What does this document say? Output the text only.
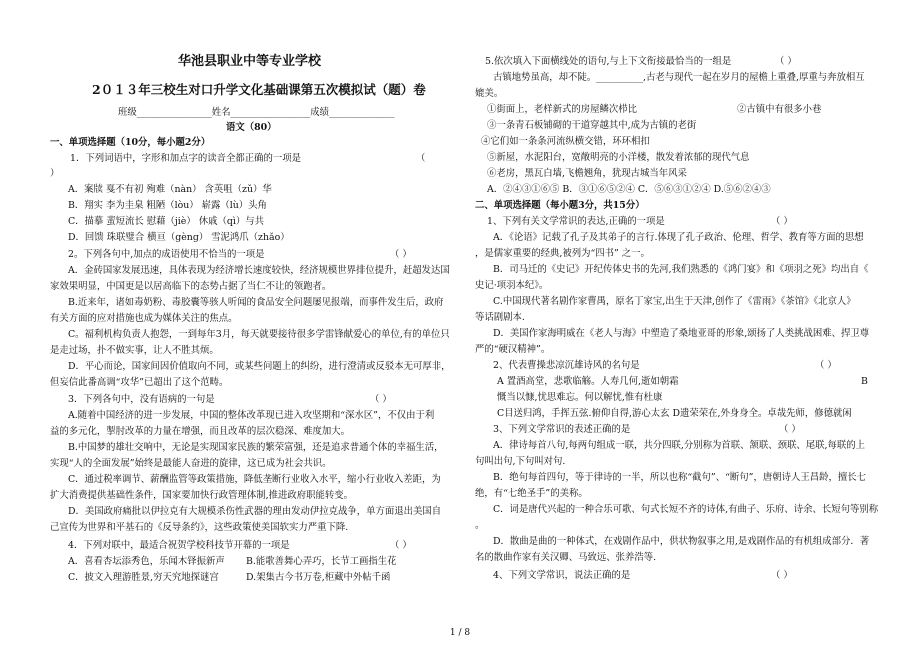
华池县职业中等专业学校
2０１３年三校生对口升学文化基础课第五次模拟试（题）卷
班级________________姓名_________________成绩______________
语文（80）
一、单项选择题（10分，每小题2分）
1．下列词语中，字形和加点字的读音全都正确的一项是	（
）
A．案牍 戛不有初 殉难（nàn） 含英咀（zǔ）华
B．翔实 李为圭臬 粗陋（lòu） 崭露（lù）头角
C．描摹 蜚短流长 慰藉（jiè） 休戚（qì）与共
D．回馈 珠联璧合 横亘（gèng） 雪泥鸿爪（zhǎo）
2。下列各句中,加点的成语使用不恰当的一项是	（ ）
A．金砖国家发展迅速，具体表现为经济增长速度较快，经济规模世界排位提升，赶超发达国
家效果明显，中国更是以居高临下的态势占据了当仁不让的领跑者。
B.近来年，诸如毒奶粉、毒胶囊等骇人听闻的食品安全问题屡见报端，而事件发生后，政府
有关方面的应对措施也成为媒体关注的焦点。
C。福利机构负责人抱怨，一到每年3月，每天就要接待很多学雷锋献爱心的单位,有的单位只
是走过场，扑不做实事，让人不胜其烦。
D．平心而论，国家间因价值取向不同，或某些问题上的纠纷，进行澄清或反驳本无可厚非，
但妄信此番高调“攻华”已超出了这个范畴。
3．下列各句中，没有语病的一句是	（ ）
A.随着中国经济的进一步发展，中国的整体改革现已进入攻坚期和“深水区”，不仅由于利
益的多元化，掣肘改革的力量在增强，而且改革的层次稳深、难度加大。
B.中国梦的雄壮交响中，无论是实现国家民族的繁荣富强，还是追求普通个体的幸福生活，
实现“人的全面发展”始终是最能人奋进的旋律，这已成为社会共识。
C．通过税率调节、薪酬监管等政策措施，降低垄断行业收入水平，缩小行业收入差距，为
扩大消费提供基础性条件，国家要加快行政管理体制,推进政府职能转变。
D．美国政府痛批以伊拉克有大规模杀伤性武器的理由发动伊拉克战争，单方面退出美国自
己宣传为世界和平基石的《反导条约》，这些政策使美国软实力严重下降.
4．下列对联中，最适合祝贺学校科技节开幕的一项是	（ ）
A．喜看杏坛添秀色，乐闻木铎振新声 B.能歌善舞心弄巧，长节工画指生花
C．披文入理游胜景,穷天究地探谜宫	D.架集古今书万卷,柜藏中外帖千函
5.依次填入下面横线处的语句,与上下文衔接最恰当的一组是	（ ）
古镇地势虽高，却不陡。__________,古老与现代一起在岁月的屋檐上重叠,厚重与奔放相互
媲美。
①街面上，老样新式的房屋鳞次栉比	②古镇中有很多小巷
③一条青石板铺砌的干道穿越其中,成为古镇的老街
④它们如一条条河流纵横交错，环环相扣
⑤新屋，水泥阳台，宽敞明亮的小洋楼，散发着浓郁的现代气息
⑥老房，黑瓦白墙,飞檐翘角，犹现古城当年风采
A．②④③①⑥⑤ B．③①⑥⑤②④ C．⑤⑥③①②④ D.⑤⑥②④③
二、单项选择题（每小题3分，共15分）
1、下列有关文学常识的表达,正确的一项是	（ ）
A．《论语》记载了孔子及其弟子的言行.体现了孔子政治、伦理、哲学、教育等方面的思想
，是儒家重要的经典,被列为“四书” 之一。
B．司马迁的《史记》开纪传体史书的先河,我们熟悉的《鸿门宴》和《项羽之死》均出自《
史记·项羽本纪》。
C.中国现代著名剧作家曹禺，原名丁家宝,出生于天津,创作了《雷雨》《茶馆》《北京人》
等话剧剧本.
D．美国作家海明威在《老人与海》中塑造了桑地亚哥的形象,颂扬了人类挑战困难、捍卫尊
严的“硬汉精神”。
2、代表曹操悲凉沉雄诗风的名句是	（ ）
A 置酒高堂，悲歌临觞。人寿几何,逝如朝霜	B
慨当以慷,忧思难忘。何以解忧,惟有杜康
C目送归鸿，手挥五弦.俯仰自得,游心太玄 D遗荣荣在,外身身全。卓哉先师，修德就闲
3、下列文学常识的表述正确的是	（ ）
A．律诗每首八句,每两句组成一联，共分四联,分别称为首联、颔联、颈联、尾联,每联的上
句叫出句,下句叫对句.
B．绝句每首四句，等于律诗的一半，所以也称“截句”、“断句”，唐朝诗人王昌龄，擅长七
绝，有“七绝圣手”的美称。
C．词是唐代兴起的一种合乐可歌、句式长短不齐的诗体,有曲子、乐府、诗余、长短句等别称
。
D．散曲是曲的一种体式，在戏剧作品中，供状物叙事之用,是戏剧作品的有机组成部分．著
名的散曲作家有关汉卿、马致远、张养浩等.
4、下列文学常识，说法正确的是	（ ）
1 / 8
